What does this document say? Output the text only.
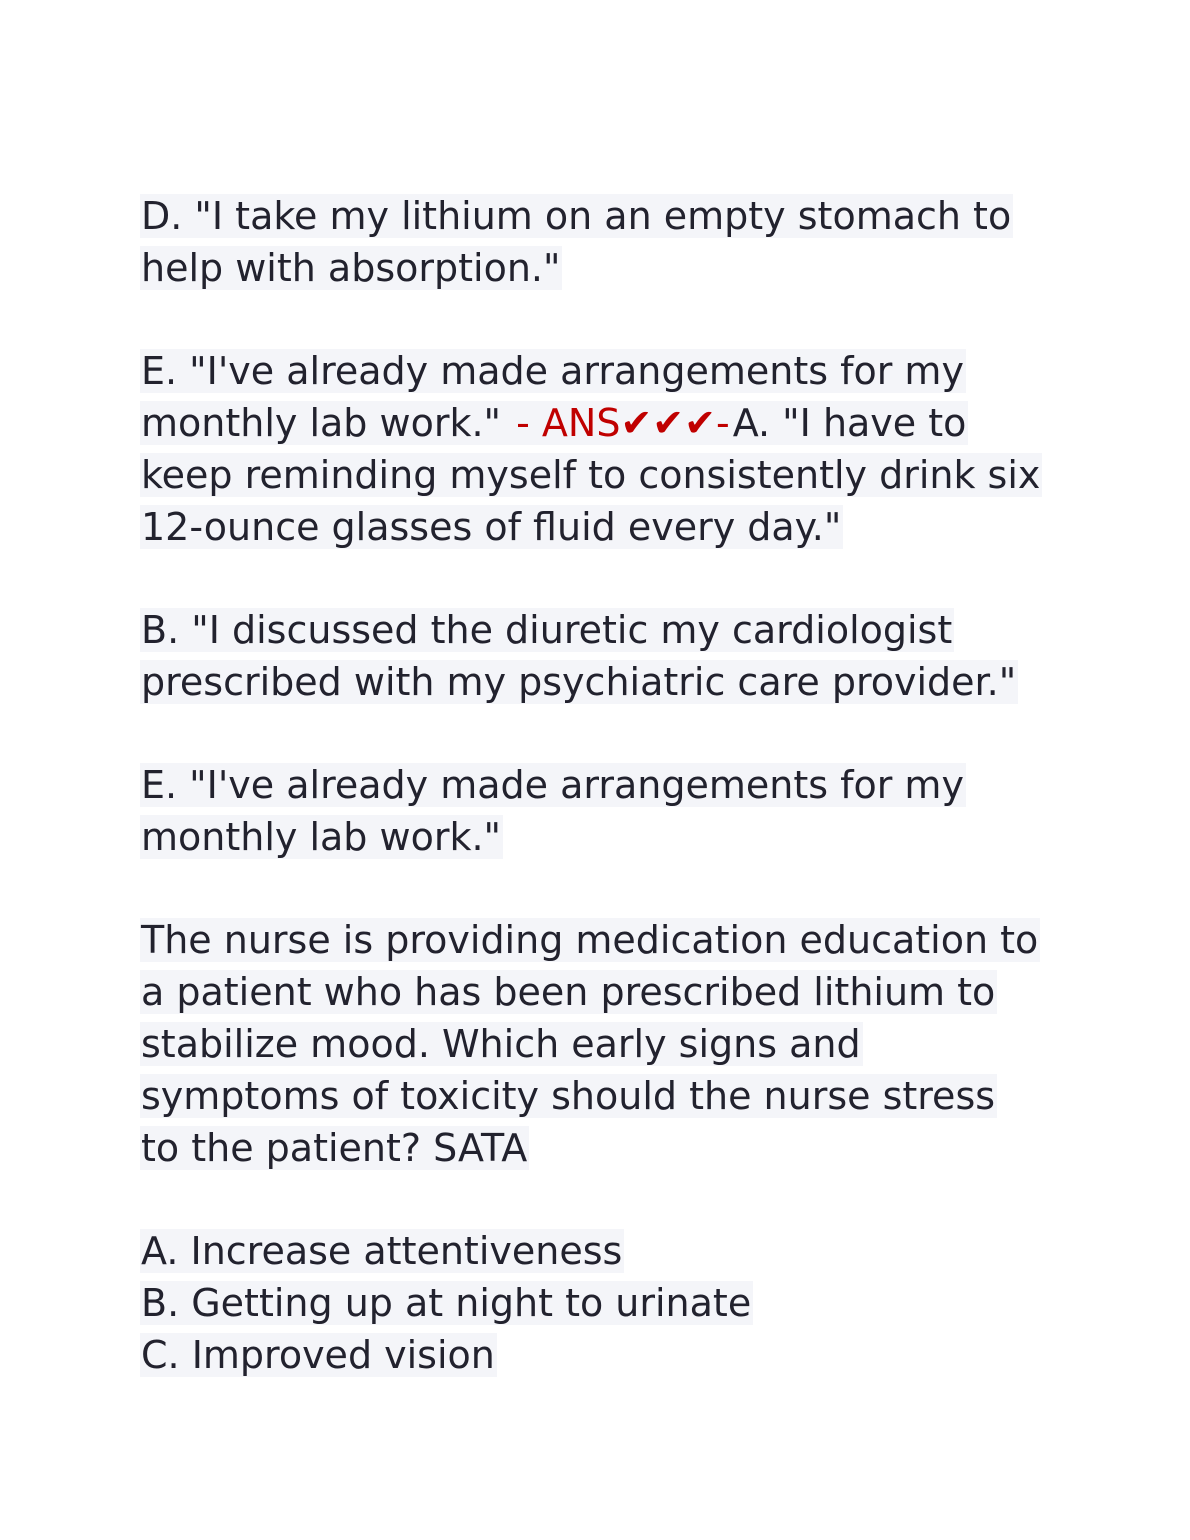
D. "I take my lithium on an empty stomach to
help with absorption."
E. "I've already made arrangements for my
monthly lab work." - ANS✔✔✔-A. "I have to
keep reminding myself to consistently drink six
12-ounce glasses of fluid every day."
B. "I discussed the diuretic my cardiologist
prescribed with my psychiatric care provider."
E. "I've already made arrangements for my
monthly lab work."
The nurse is providing medication education to
a patient who has been prescribed lithium to
stabilize mood. Which early signs and
symptoms of toxicity should the nurse stress
to the patient? SATA
A. Increase attentiveness
B. Getting up at night to urinate
C. Improved vision
